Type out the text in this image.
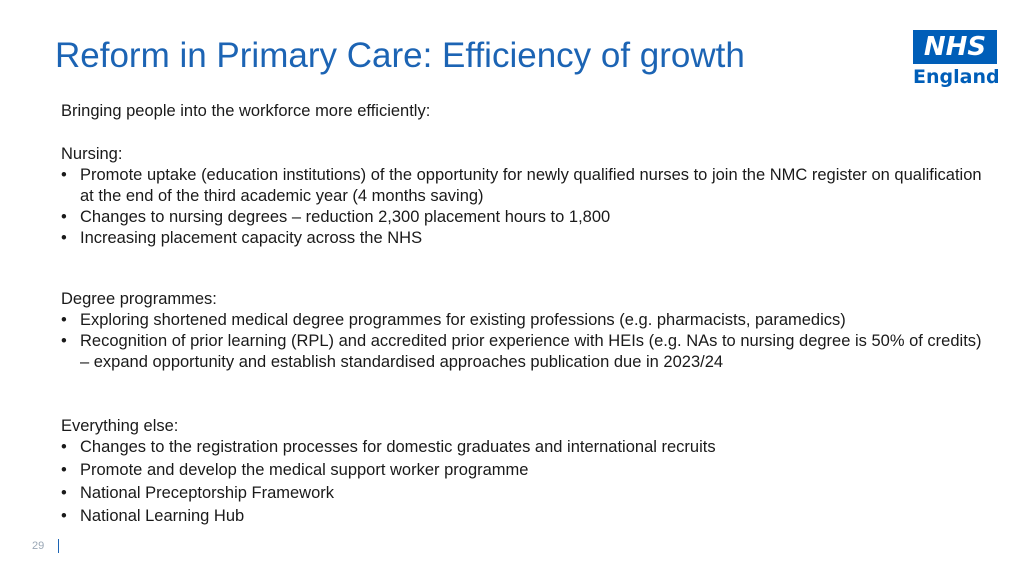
Reform in Primary Care: Efficiency of growth	NHS
England

Bringing people into the workforce more efficiently:

Nursing:

• Promote uptake (education institutions) of the opportunity for newly qualified nurses to join the NMC register on qualification at the end of the third academic year (4 months saving)
• Changes to nursing degrees – reduction 2,300 placement hours to 1,800
• Increasing placement capacity across the NHS

Degree programmes:

• Exploring shortened medical degree programmes for existing professions (e.g. pharmacists, paramedics)
• Recognition of prior learning (RPL) and accredited prior experience with HEIs (e.g. NAs to nursing degree is 50% of credits) – expand opportunity and establish standardised approaches publication due in 2023/24

Everything else:

• Changes to the registration processes for domestic graduates and international recruits
• Promote and develop the medical support worker programme
• National Preceptorship Framework
• National Learning Hub
29
